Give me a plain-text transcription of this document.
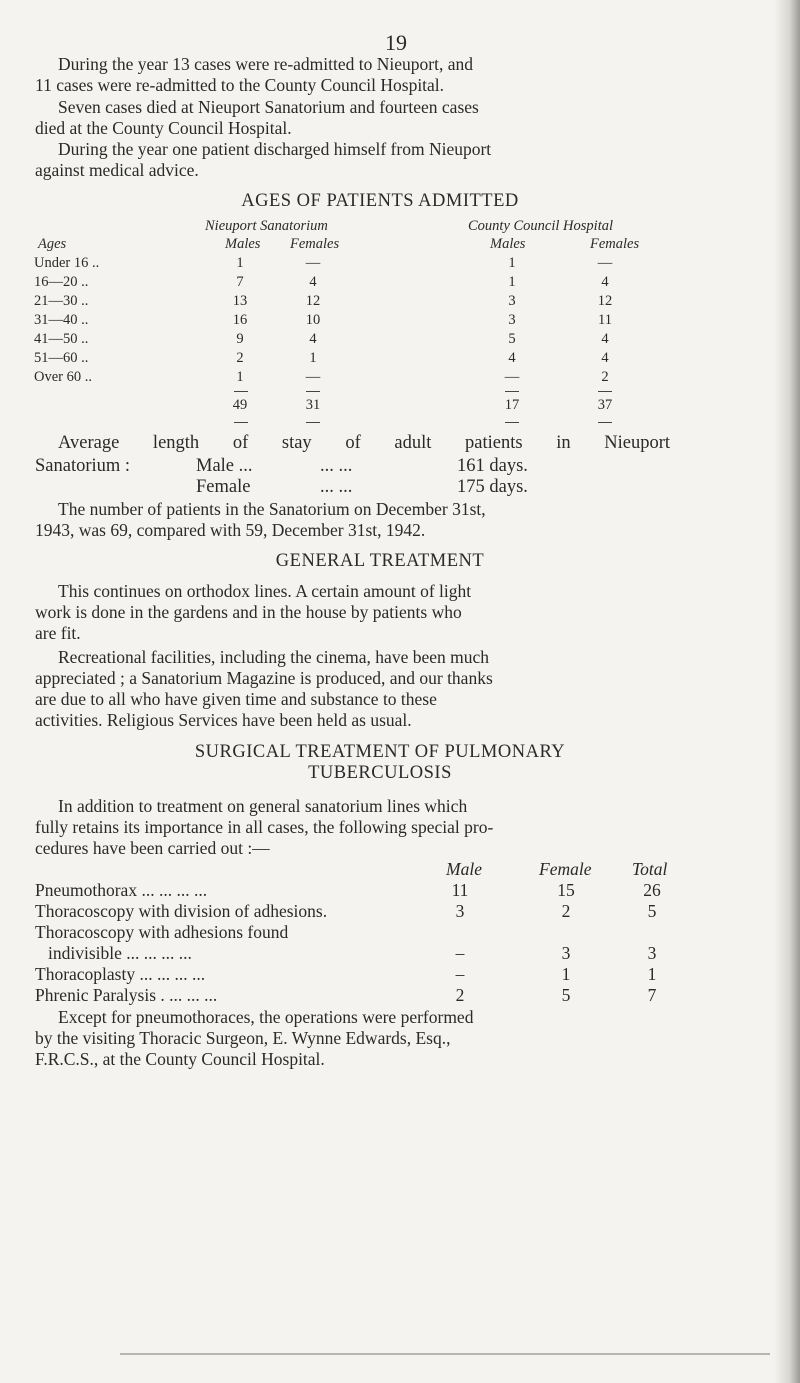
19
During the year 13 cases were re-admitted to Nieuport, and
11 cases were re-admitted to the County Council Hospital.
Seven cases died at Nieuport Sanatorium and fourteen cases
died at the County Council Hospital.
During the year one patient discharged himself from Nieuport
against medical advice.
AGES OF PATIENTS ADMITTED
Nieuport Sanatorium	County Council Hospital
Ages	Males Females	Males	Females
Under 16 ..	1	—	1	—
16—20 ..	7	4	1	4
21—30 ..	13	12	3	12
31—40 ..	16	10	3	11
41—50 ..	9	4	5	4
51—60 ..	2	1	4	4
Over 60 ..	1	—	—	2
49	31	17	37
Average length of stay of adult patients in Nieuport
Sanatorium :	Male ...	... ...	161 days.
Female	... ...	175 days.
The number of patients in the Sanatorium on December 31st,
1943, was 69, compared with 59, December 31st, 1942.
GENERAL TREATMENT
This continues on orthodox lines. A certain amount of light
work is done in the gardens and in the house by patients who
are fit.
Recreational facilities, including the cinema, have been much
appreciated ; a Sanatorium Magazine is produced, and our thanks
are due to all who have given time and substance to these
activities. Religious Services have been held as usual.
SURGICAL TREATMENT OF PULMONARY
TUBERCULOSIS
In addition to treatment on general sanatorium lines which
fully retains its importance in all cases, the following special pro-
cedures have been carried out :—
Male	Female Total
Pneumothorax ... ... ... ...	11	15	26
Thoracoscopy with division of adhesions.	3	2	5
Thoracoscopy with adhesions found
indivisible ... ... ... ...	–	3	3
Thoracoplasty ... ... ... ...	–	1	1
Phrenic Paralysis . ... ... ...	2	5	7
Except for pneumothoraces, the operations were performed
by the visiting Thoracic Surgeon, E. Wynne Edwards, Esq.,
F.R.C.S., at the County Council Hospital.
